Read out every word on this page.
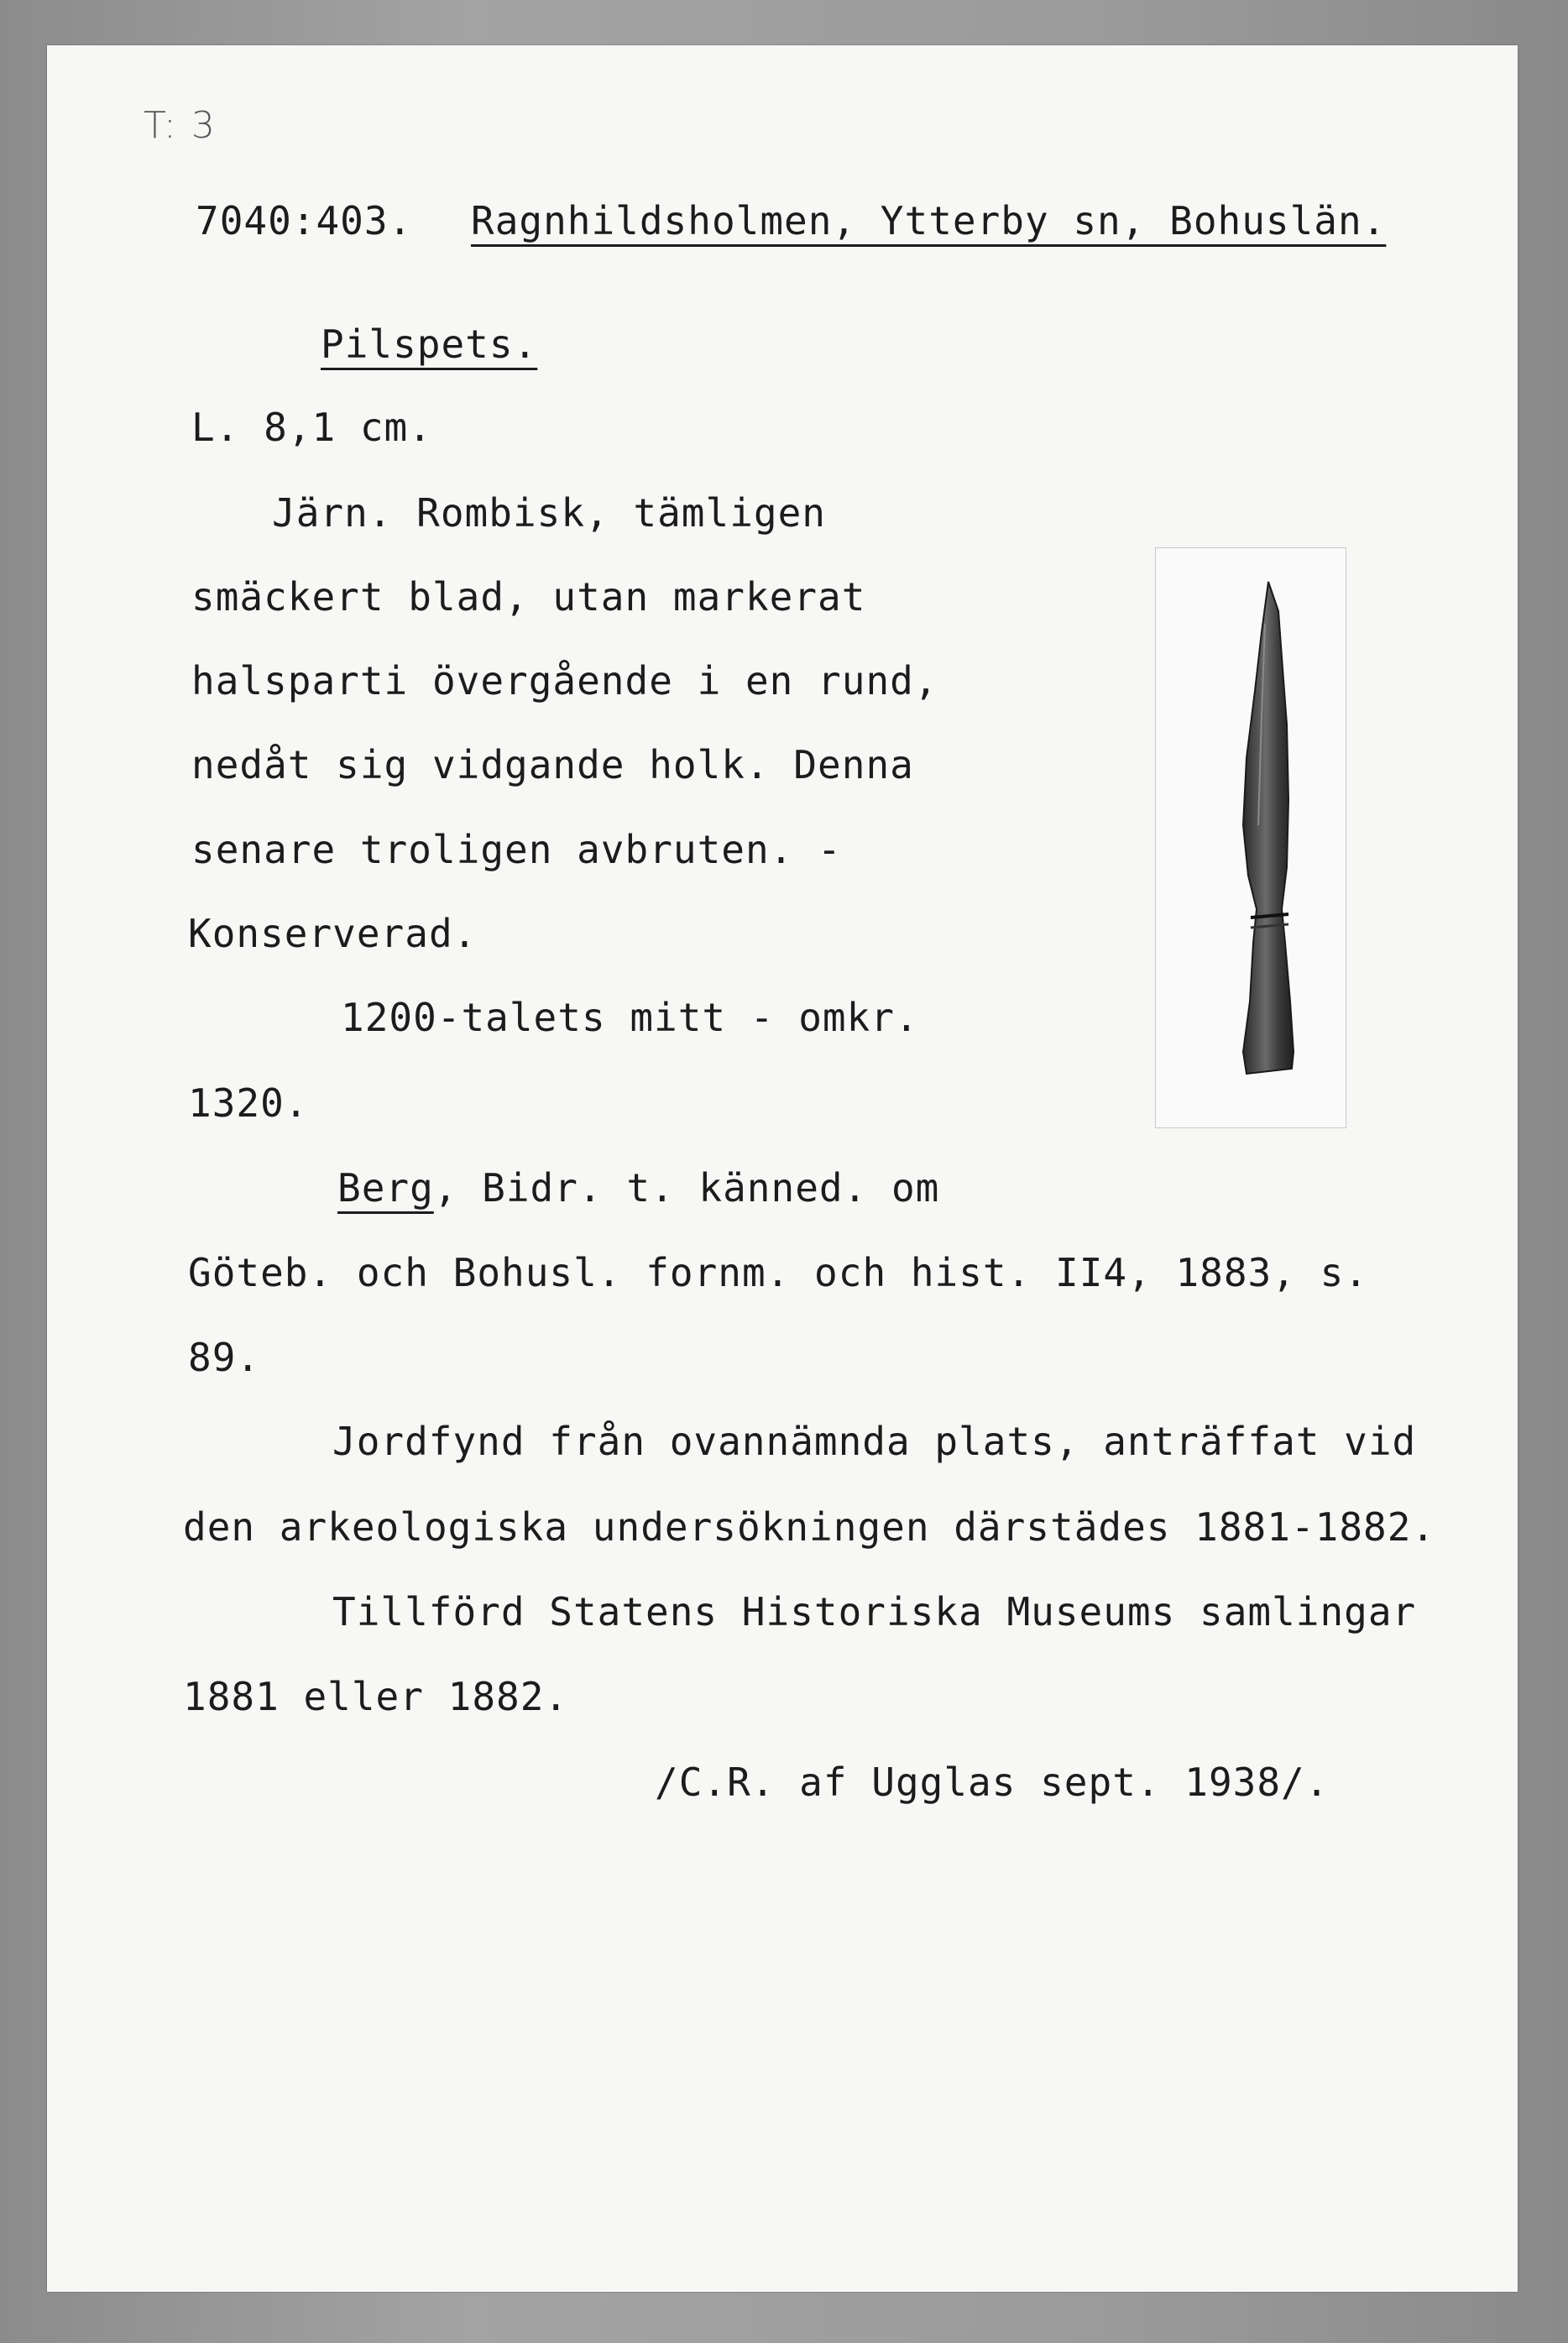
T: 3
7040:403. Ragnhildsholmen, Ytterby sn, Bohuslän.
Pilspets.
L. 8,1 cm.
Järn. Rombisk, tämligen
smäckert blad, utan markerat
halsparti övergående i en rund,
nedåt sig vidgande holk. Denna
senare troligen avbruten. -
Konserverad.
1200-talets mitt - omkr.
1320.
Berg, Bidr. t. känned. om
Göteb. och Bohusl. fornm. och hist. II4, 1883, s.
89.
Jordfynd från ovannämnda plats, anträffat vid
den arkeologiska undersökningen därstädes 1881-1882.
Tillförd Statens Historiska Museums samlingar
1881 eller 1882.
/C.R. af Ugglas sept. 1938/.
